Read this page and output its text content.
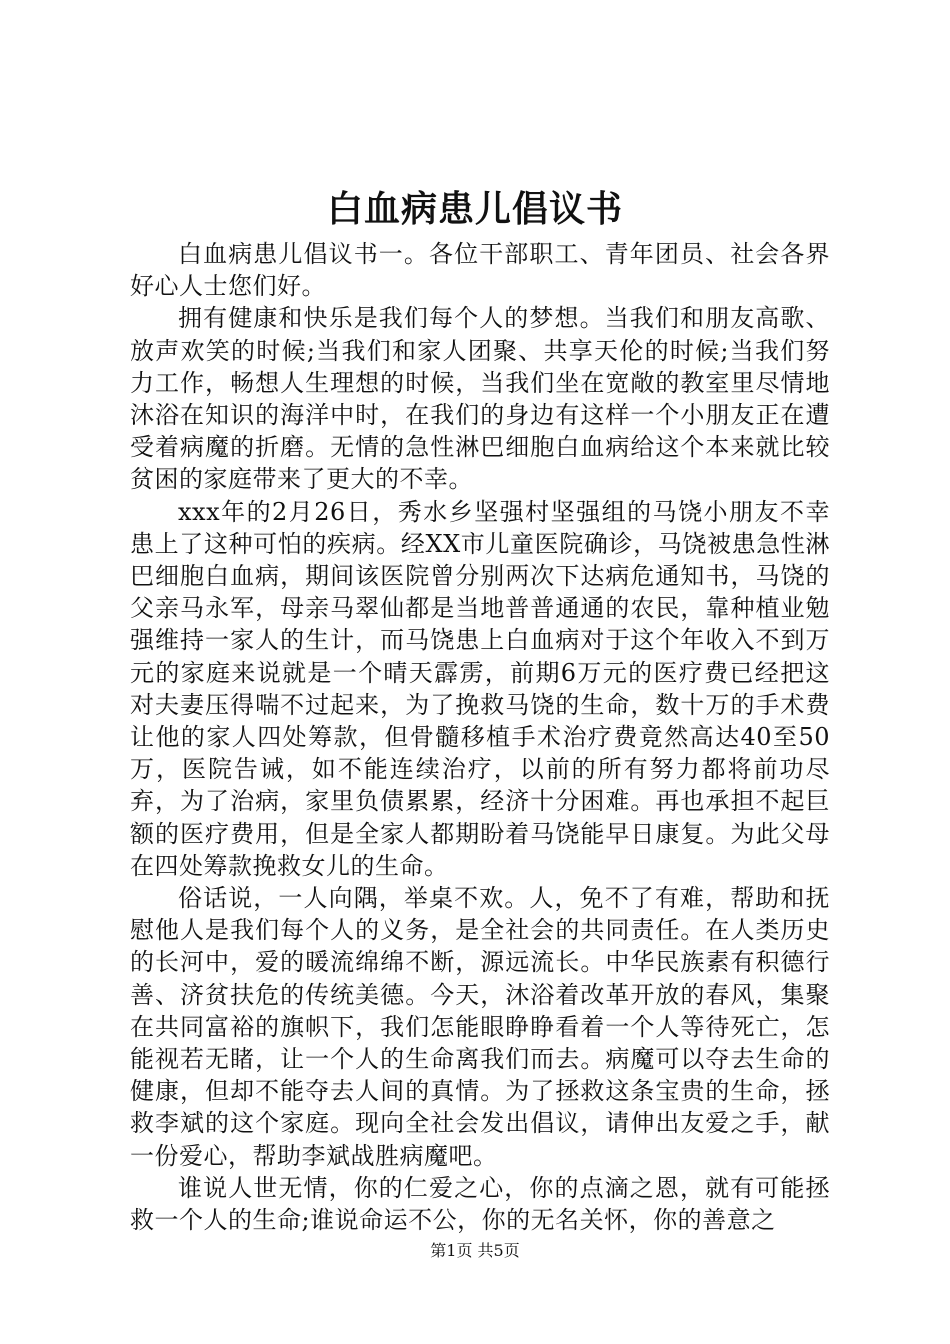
白血病患儿倡议书

白血病患儿倡议书一。各位干部职工、青年团员、社会各界好心人士您们好。

拥有健康和快乐是我们每个人的梦想。当我们和朋友高歌、放声欢笑的时候;当我们和家人团聚、共享天伦的时候;当我们努力工作，畅想人生理想的时候，当我们坐在宽敞的教室里尽情地沐浴在知识的海洋中时，在我们的身边有这样一个小朋友正在遭受着病魔的折磨。无情的急性淋巴细胞白血病给这个本来就比较贫困的家庭带来了更大的不幸。

xxx年的2月26日，秀水乡坚强村坚强组的马饶小朋友不幸患上了这种可怕的疾病。经XX市儿童医院确诊，马饶被患急性淋巴细胞白血病，期间该医院曾分别两次下达病危通知书，马饶的父亲马永军，母亲马翠仙都是当地普普通通的农民，靠种植业勉强维持一家人的生计，而马饶患上白血病对于这个年收入不到万元的家庭来说就是一个晴天霹雳，前期6万元的医疗费已经把这对夫妻压得喘不过起来，为了挽救马饶的生命，数十万的手术费让他的家人四处筹款，但骨髓移植手术治疗费竟然高达40至50万，医院告诫，如不能连续治疗，以前的所有努力都将前功尽弃，为了治病，家里负债累累，经济十分困难。再也承担不起巨额的医疗费用，但是全家人都期盼着马饶能早日康复。为此父母在四处筹款挽救女儿的生命。

俗话说，一人向隅，举桌不欢。人，免不了有难，帮助和抚慰他人是我们每个人的义务，是全社会的共同责任。在人类历史的长河中，爱的暖流绵绵不断，源远流长。中华民族素有积德行善、济贫扶危的传统美德。今天，沐浴着改革开放的春风，集聚在共同富裕的旗帜下，我们怎能眼睁睁看着一个人等待死亡，怎能视若无睹，让一个人的生命离我们而去。病魔可以夺去生命的健康，但却不能夺去人间的真情。为了拯救这条宝贵的生命，拯救李斌的这个家庭。现向全社会发出倡议，请伸出友爱之手，献一份爱心，帮助李斌战胜病魔吧。

谁说人世无情，你的仁爱之心，你的点滴之恩，就有可能拯救一个人的生命;谁说命运不公，你的无名关怀，你的善意之

第1页 共5页
